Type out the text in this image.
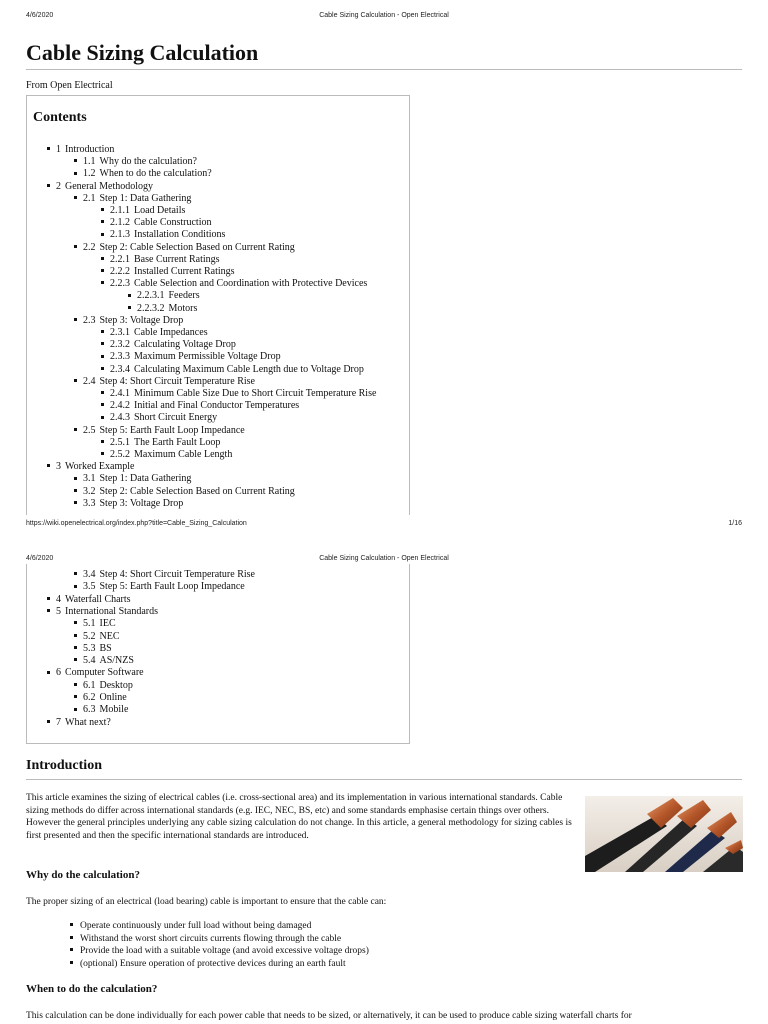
4/6/2020	Cable Sizing Calculation - Open Electrical
Cable Sizing Calculation
From Open Electrical
Contents
1 Introduction
1.1 Why do the calculation?
1.2 When to do the calculation?
2 General Methodology
2.1 Step 1: Data Gathering
2.1.1 Load Details
2.1.2 Cable Construction
2.1.3 Installation Conditions
2.2 Step 2: Cable Selection Based on Current Rating
2.2.1 Base Current Ratings
2.2.2 Installed Current Ratings
2.2.3 Cable Selection and Coordination with Protective Devices
2.2.3.1 Feeders
2.2.3.2 Motors
2.3 Step 3: Voltage Drop
2.3.1 Cable Impedances
2.3.2 Calculating Voltage Drop
2.3.3 Maximum Permissible Voltage Drop
2.3.4 Calculating Maximum Cable Length due to Voltage Drop
2.4 Step 4: Short Circuit Temperature Rise
2.4.1 Minimum Cable Size Due to Short Circuit Temperature Rise
2.4.2 Initial and Final Conductor Temperatures
2.4.3 Short Circuit Energy
2.5 Step 5: Earth Fault Loop Impedance
2.5.1 The Earth Fault Loop
2.5.2 Maximum Cable Length
3 Worked Example
3.1 Step 1: Data Gathering
3.2 Step 2: Cable Selection Based on Current Rating
3.3 Step 3: Voltage Drop
https://wiki.openelectrical.org/index.php?title=Cable_Sizing_Calculation	1/16
4/6/2020	Cable Sizing Calculation - Open Electrical
3.4 Step 4: Short Circuit Temperature Rise
3.5 Step 5: Earth Fault Loop Impedance
4 Waterfall Charts
5 International Standards
5.1 IEC
5.2 NEC
5.3 BS
5.4 AS/NZS
6 Computer Software
6.1 Desktop
6.2 Online
6.3 Mobile
7 What next?
Introduction

This article examines the sizing of electrical cables (i.e. cross-sectional area) and its implementation in various international standards. Cable sizing methods do differ across international standards (e.g. IEC, NEC, BS, etc) and some standards emphasise certain things over others. However the general principles underlying any cable sizing calculation do not change. In this article, a general methodology for sizing cables is first presented and then the specific international standards are introduced.

Why do the calculation?

The proper sizing of an electrical (load bearing) cable is important to ensure that the cable can:

Operate continuously under full load without being damaged
Withstand the worst short circuits currents flowing through the cable
Provide the load with a suitable voltage (and avoid excessive voltage drops)
(optional) Ensure operation of protective devices during an earth fault
When to do the calculation?

This calculation can be done individually for each power cable that needs to be sized, or alternatively, it can be used to produce cable sizing waterfall charts for
